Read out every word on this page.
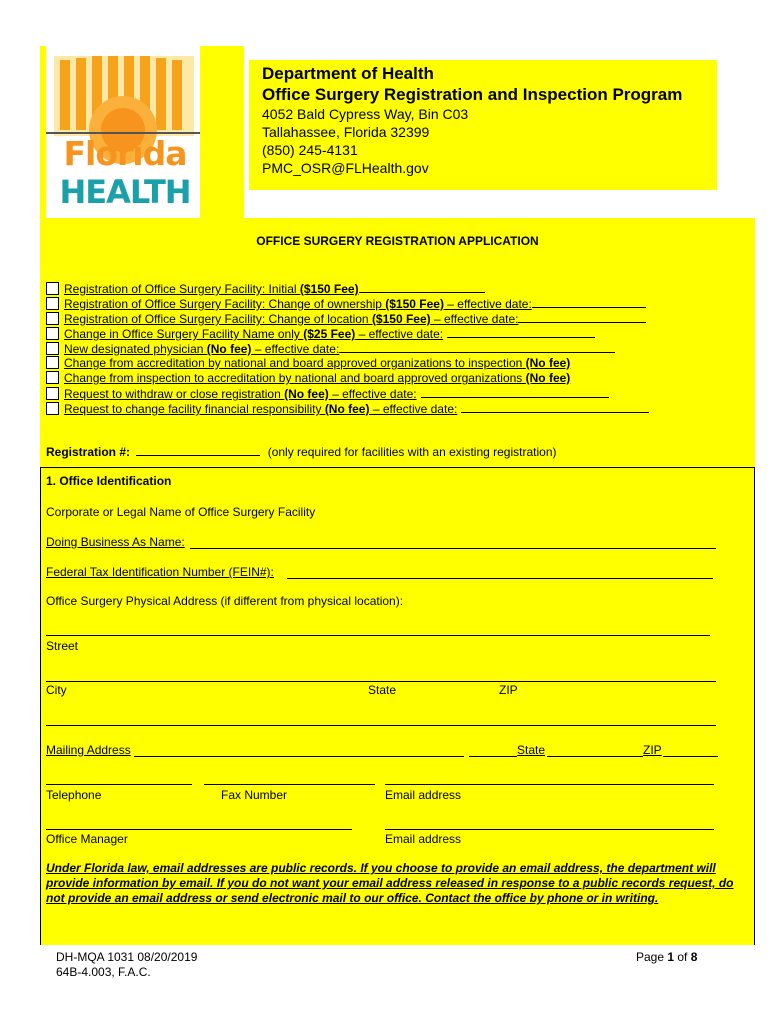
Florida
HEALTH
Department of Health
Office Surgery Registration and Inspection Program
4052 Bald Cypress Way, Bin C03
Tallahassee, Florida 32399
(850) 245-4131
PMC_OSR@FLHealth.gov
OFFICE SURGERY REGISTRATION APPLICATION
Registration of Office Surgery Facility: Initial ($150 Fee)
Registration of Office Surgery Facility: Change of ownership ($150 Fee) – effective date:
Registration of Office Surgery Facility: Change of location ($150 Fee) – effective date:
Change in Office Surgery Facility Name only ($25 Fee) – effective date:
New designated physician (No fee) – effective date:
Change from accreditation by national and board approved organizations to inspection (No fee)
Change from inspection to accreditation by national and board approved organizations (No fee)
Request to withdraw or close registration (No fee) – effective date:
Request to change facility financial responsibility (No fee) – effective date:
Registration #:	(only required for facilities with an existing registration)
1. Office Identification
Corporate or Legal Name of Office Surgery Facility
Doing Business As Name:
Federal Tax Identification Number (FEIN#):
Office Surgery Physical Address (if different from physical location):
Street
City	State	ZIP
Mailing Address	State	ZIP
Telephone	Fax Number	Email address
Office Manager	Email address
Under Florida law, email addresses are public records. If you choose to provide an email address, the department will provide information by email. If you do not want your email address released in response to a public records request, do not provide an email address or send electronic mail to our office. Contact the office by phone or in writing.
DH-MQA 1031 08/20/2019
64B-4.003, F.A.C.
Page 1 of 8
